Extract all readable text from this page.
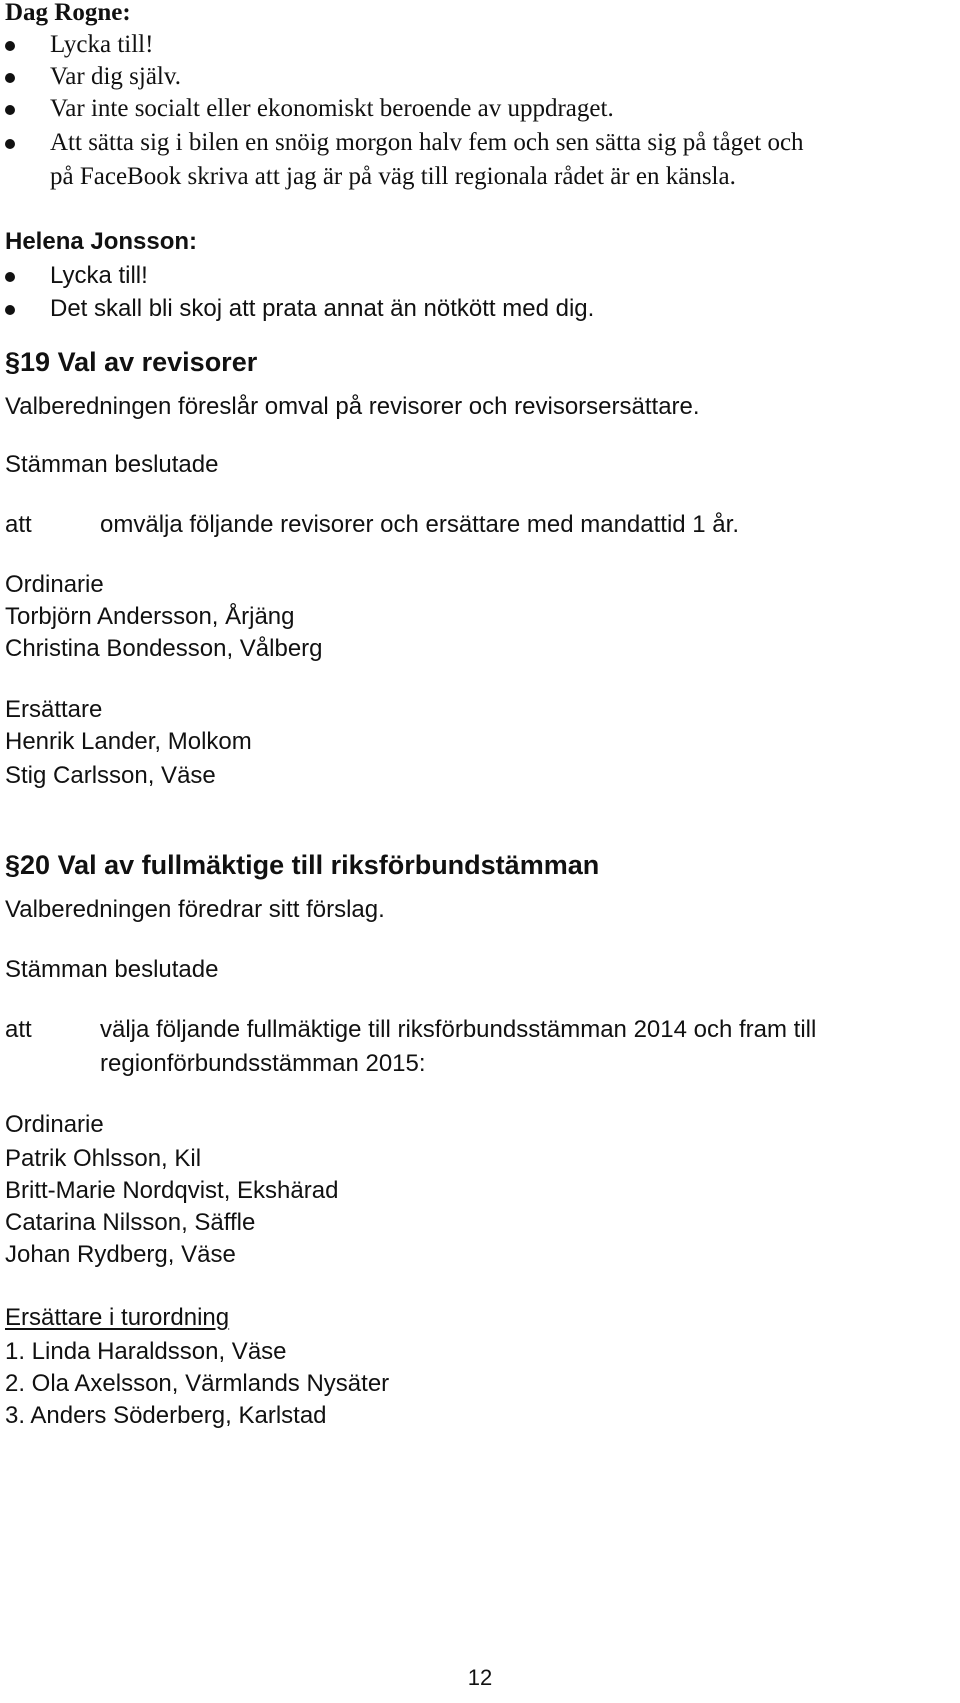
Dag Rogne:

Lycka till!

Var dig själv.

Var inte socialt eller ekonomiskt beroende av uppdraget.

Att sätta sig i bilen en snöig morgon halv fem och sen sätta sig på tåget och

på FaceBook skriva att jag är på väg till regionala rådet är en känsla.

Helena Jonsson:

Lycka till!

Det skall bli skoj att prata annat än nötkött med dig.

§19 Val av revisorer

Valberedningen föreslår omval på revisorer och revisorsersättare.

Stämman beslutade

att	omvälja följande revisorer och ersättare med mandattid 1 år.

Ordinarie

Torbjörn Andersson, Årjäng

Christina Bondesson, Vålberg

Ersättare

Henrik Lander, Molkom

Stig Carlsson, Väse

§20 Val av fullmäktige till riksförbundstämman

Valberedningen föredrar sitt förslag.

Stämman beslutade

att	välja följande fullmäktige till riksförbundsstämman 2014 och fram till

regionförbundsstämman 2015:

Ordinarie

Patrik Ohlsson, Kil

Britt-Marie Nordqvist, Ekshärad

Catarina Nilsson, Säffle

Johan Rydberg, Väse

Ersättare i turordning

1. Linda Haraldsson, Väse

2. Ola Axelsson, Värmlands Nysäter

3. Anders Söderberg, Karlstad

12
